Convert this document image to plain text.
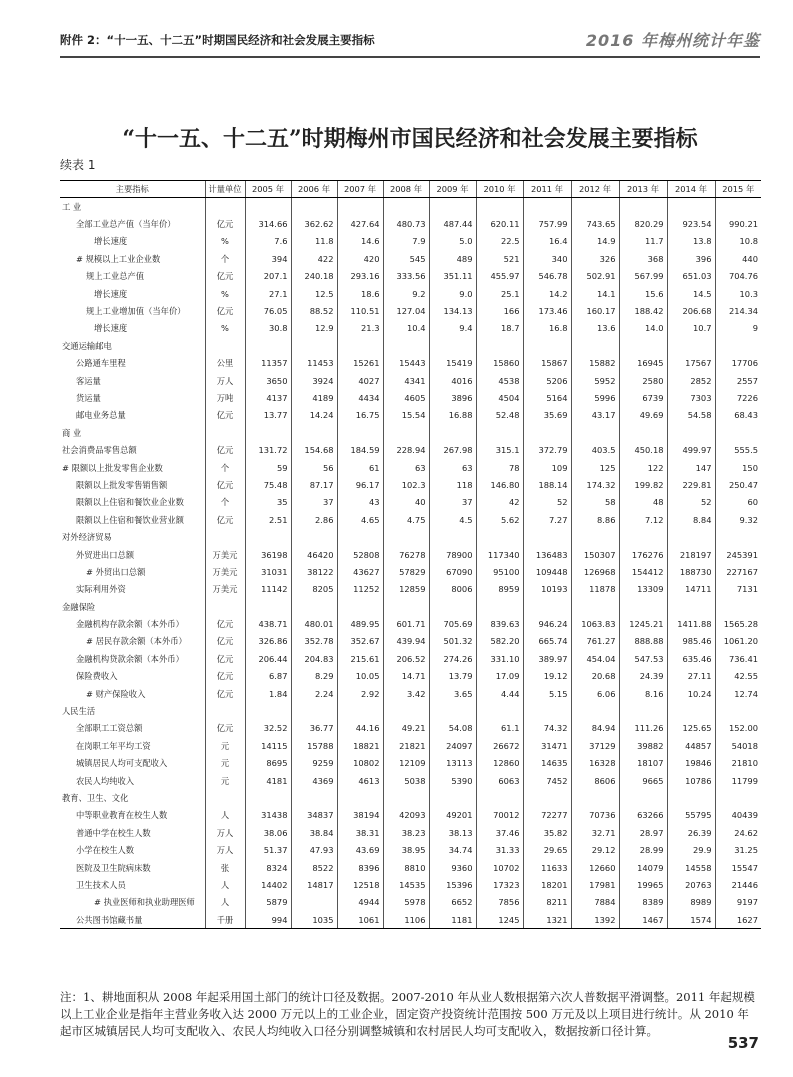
附件 2：“十一五、十二五”时期国民经济和社会发展主要指标	2016 年梅州统计年鉴
“十一五、十二五”时期梅州市国民经济和社会发展主要指标
续表 1
主要指标	计量单位	2005 年	2006 年	2007 年	2008 年	2009 年	2010 年	2011 年	2012 年	2013 年	2014 年	2015 年
工 业												
全部工业总产值（当年价）	亿元	314.66	362.62	427.64	480.73	487.44	620.11	757.99	743.65	820.29	923.54	990.21
增长速度	%	7.6	11.8	14.6	7.9	5.0	22.5	16.4	14.9	11.7	13.8	10.8
# 规模以上工业企业数	个	394	422	420	545	489	521	340	326	368	396	440
规上工业总产值	亿元	207.1	240.18	293.16	333.56	351.11	455.97	546.78	502.91	567.99	651.03	704.76
增长速度	%	27.1	12.5	18.6	9.2	9.0	25.1	14.2	14.1	15.6	14.5	10.3
规上工业增加值（当年价）	亿元	76.05	88.52	110.51	127.04	134.13	166	173.46	160.17	188.42	206.68	214.34
增长速度	%	30.8	12.9	21.3	10.4	9.4	18.7	16.8	13.6	14.0	10.7	9
交通运输邮电												
公路通车里程	公里	11357	11453	15261	15443	15419	15860	15867	15882	16945	17567	17706
客运量	万人	3650	3924	4027	4341	4016	4538	5206	5952	2580	2852	2557
货运量	万吨	4137	4189	4434	4605	3896	4504	5164	5996	6739	7303	7226
邮电业务总量	亿元	13.77	14.24	16.75	15.54	16.88	52.48	35.69	43.17	49.69	54.58	68.43
商 业												
社会消费品零售总额	亿元	131.72	154.68	184.59	228.94	267.98	315.1	372.79	403.5	450.18	499.97	555.5
# 限额以上批发零售企业数	个	59	56	61	63	63	78	109	125	122	147	150
限额以上批发零售销售额	亿元	75.48	87.17	96.17	102.3	118	146.80	188.14	174.32	199.82	229.81	250.47
限额以上住宿和餐饮业企业数	个	35	37	43	40	37	42	52	58	48	52	60
限额以上住宿和餐饮业营业额	亿元	2.51	2.86	4.65	4.75	4.5	5.62	7.27	8.86	7.12	8.84	9.32
对外经济贸易												
外贸进出口总额	万美元	36198	46420	52808	76278	78900	117340	136483	150307	176276	218197	245391
# 外贸出口总额	万美元	31031	38122	43627	57829	67090	95100	109448	126968	154412	188730	227167
实际利用外资	万美元	11142	8205	11252	12859	8006	8959	10193	11878	13309	14711	7131
金融保险												
金融机构存款余额（本外币）	亿元	438.71	480.01	489.95	601.71	705.69	839.63	946.24	1063.83	1245.21	1411.88	1565.28
# 居民存款余额（本外币）	亿元	326.86	352.78	352.67	439.94	501.32	582.20	665.74	761.27	888.88	985.46	1061.20
金融机构贷款余额（本外币）	亿元	206.44	204.83	215.61	206.52	274.26	331.10	389.97	454.04	547.53	635.46	736.41
保险费收入	亿元	6.87	8.29	10.05	14.71	13.79	17.09	19.12	20.68	24.39	27.11	42.55
# 财产保险收入	亿元	1.84	2.24	2.92	3.42	3.65	4.44	5.15	6.06	8.16	10.24	12.74
人民生活												
全部职工工资总额	亿元	32.52	36.77	44.16	49.21	54.08	61.1	74.32	84.94	111.26	125.65	152.00
在岗职工年平均工资	元	14115	15788	18821	21821	24097	26672	31471	37129	39882	44857	54018
城镇居民人均可支配收入	元	8695	9259	10802	12109	13113	12860	14635	16328	18107	19846	21810
农民人均纯收入	元	4181	4369	4613	5038	5390	6063	7452	8606	9665	10786	11799
教育、卫生、文化												
中等职业教育在校生人数	人	31438	34837	38194	42093	49201	70012	72277	70736	63266	55795	40439
普通中学在校生人数	万人	38.06	38.84	38.31	38.23	38.13	37.46	35.82	32.71	28.97	26.39	24.62
小学在校生人数	万人	51.37	47.93	43.69	38.95	34.74	31.33	29.65	29.12	28.99	29.9	31.25
医院及卫生院病床数	张	8324	8522	8396	8810	9360	10702	11633	12660	14079	14558	15547
卫生技术人员	人	14402	14817	12518	14535	15396	17323	18201	17981	19965	20763	21446
# 执业医师和执业助理医师	人	5879		4944	5978	6652	7856	8211	7884	8389	8989	9197
公共图书馆藏书量	千册	994	1035	1061	1106	1181	1245	1321	1392	1467	1574	1627
注：1、耕地面积从 2008 年起采用国土部门的统计口径及数据。2007-2010 年从业人数根据第六次人普数据平滑调整。2011 年起规模以上工业企业是指年主营业务收入达 2000 万元以上的工业企业，固定资产投资统计范围按 500 万元及以上项目进行统计。从 2010 年起市区城镇居民人均可支配收入、农民人均纯收入口径分别调整城镇和农村居民人均可支配收入，数据按新口径计算。
537
